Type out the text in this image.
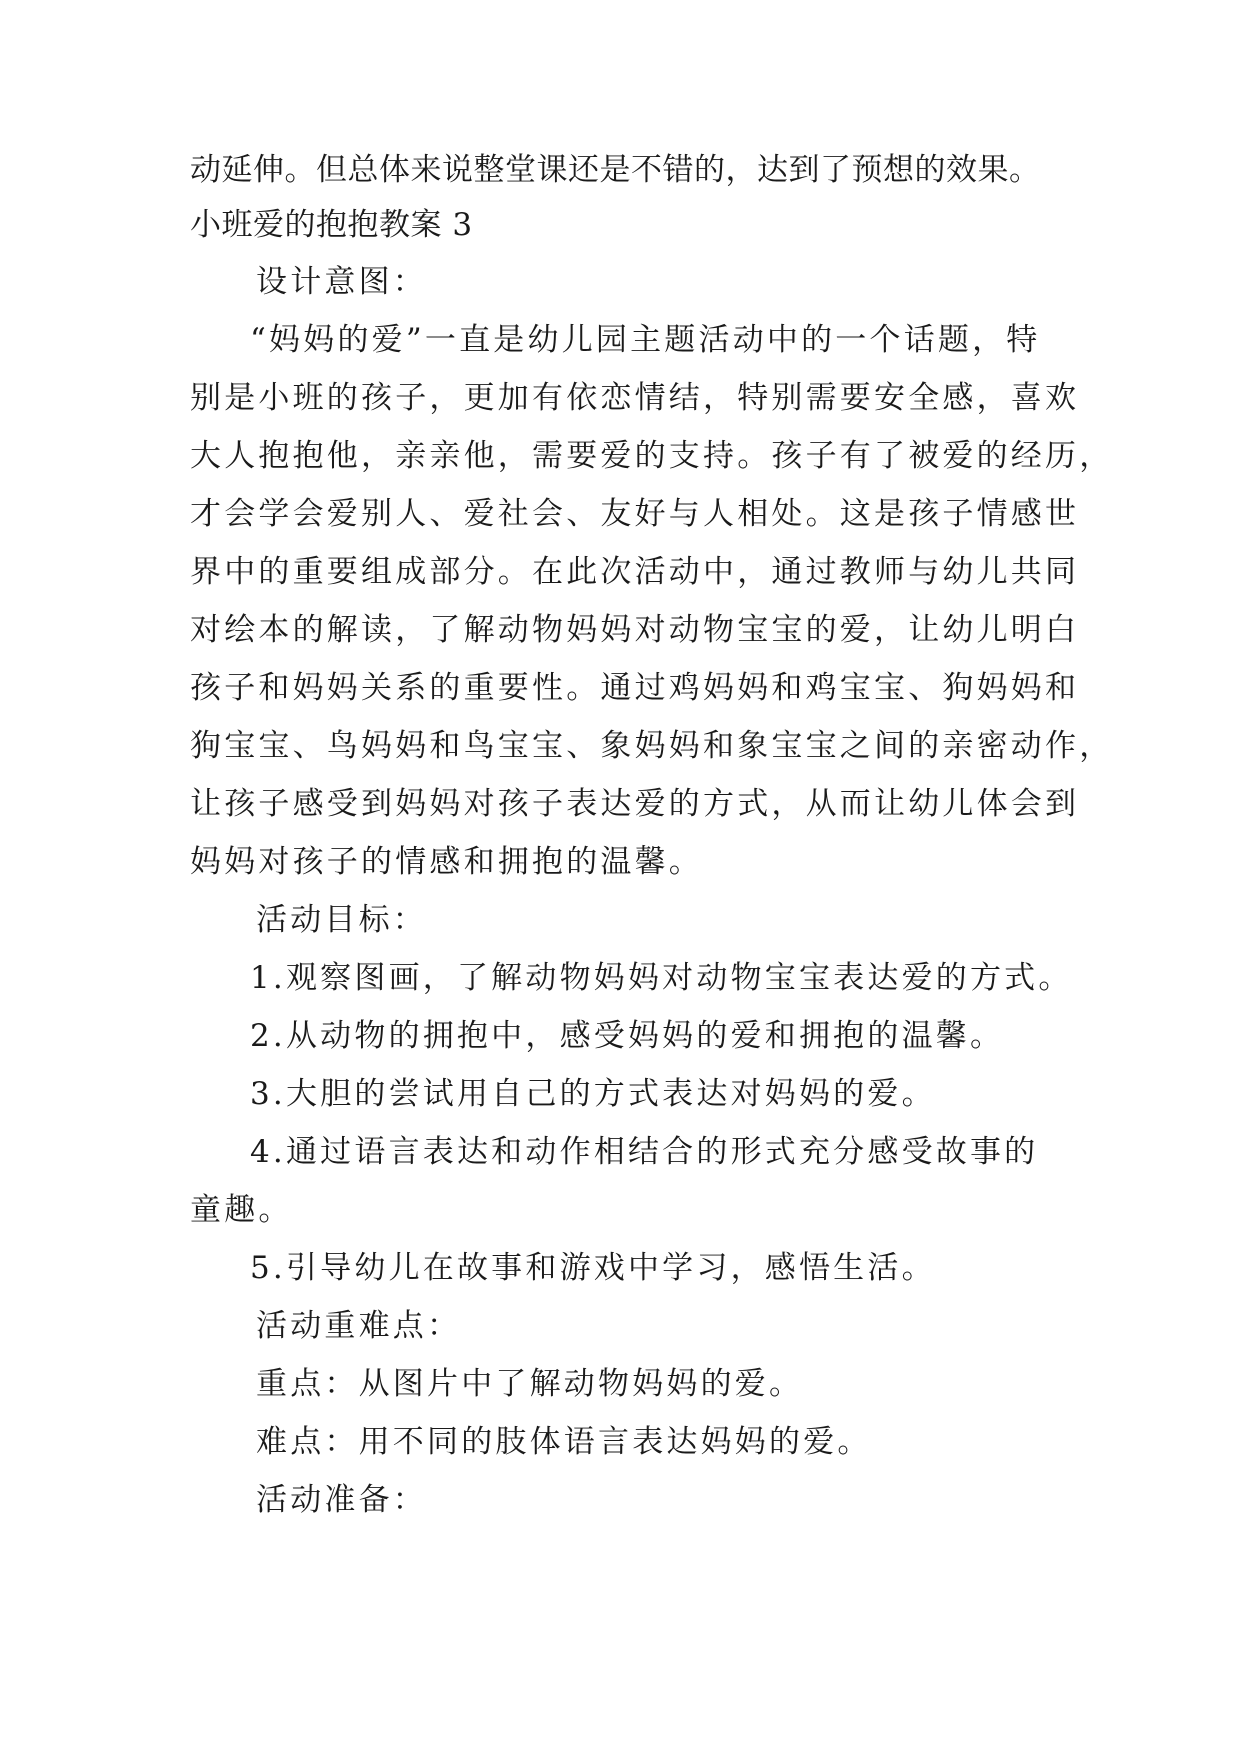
动延伸。但总体来说整堂课还是不错的，达到了预想的效果。
小班爱的抱抱教案 3
设计意图：
“妈妈的爱”一直是幼儿园主题活动中的一个话题，特
别是小班的孩子，更加有依恋情结，特别需要安全感，喜欢
大人抱抱他，亲亲他，需要爱的支持。孩子有了被爱的经历，
才会学会爱别人、爱社会、友好与人相处。这是孩子情感世
界中的重要组成部分。在此次活动中，通过教师与幼儿共同
对绘本的解读，了解动物妈妈对动物宝宝的爱，让幼儿明白
孩子和妈妈关系的重要性。通过鸡妈妈和鸡宝宝、狗妈妈和
狗宝宝、鸟妈妈和鸟宝宝、象妈妈和象宝宝之间的亲密动作，
让孩子感受到妈妈对孩子表达爱的方式，从而让幼儿体会到
妈妈对孩子的情感和拥抱的温馨。
活动目标：
1.观察图画，了解动物妈妈对动物宝宝表达爱的方式。
2.从动物的拥抱中，感受妈妈的爱和拥抱的温馨。
3.大胆的尝试用自己的方式表达对妈妈的爱。
4.通过语言表达和动作相结合的形式充分感受故事的
童趣。
5.引导幼儿在故事和游戏中学习，感悟生活。
活动重难点：
重点：从图片中了解动物妈妈的爱。
难点：用不同的肢体语言表达妈妈的爱。
活动准备：
